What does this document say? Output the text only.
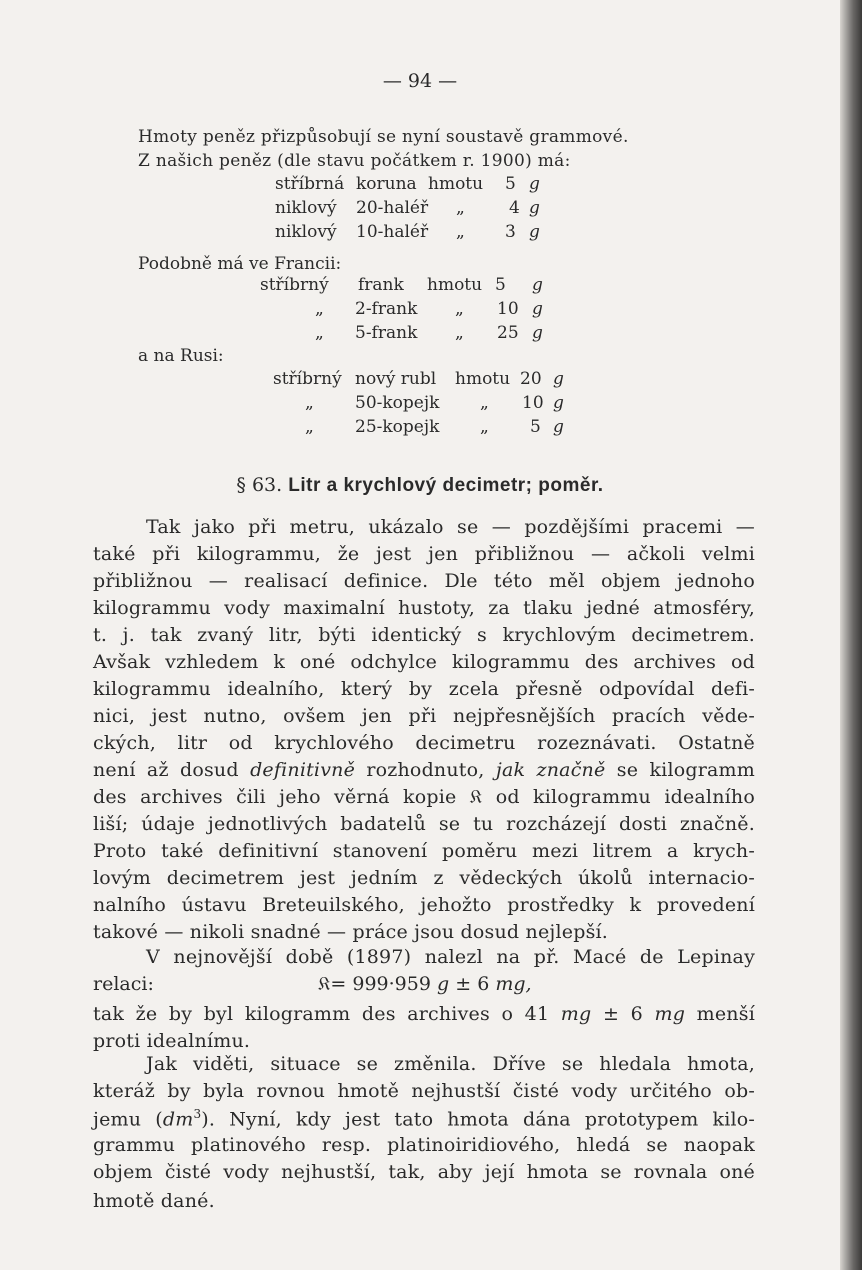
— 94 —
Hmoty peněz přizpůsobují se nyní soustavě grammové.
Z našich peněz (dle stavu počátkem r. 1900) má:
stříbrná koruna hmotu 5 g
niklový 20-haléř „	4 g
niklový 10-haléř „ 3 g
Podobně má ve Francii:
stříbrný frank hmotu 5 g
„ 2-frank „ 10 g
„ 5-frank „ 25 g
a na Rusi:
stříbrný nový rubl hmotu 20 g
„ 50-kopejk „ 10 g
„ 25-kopejk „ 5 g
§ 63. Litr a krychlový decimetr; poměr.
Tak jako při metru, ukázalo se — pozdějšími pracemi —
také při kilogrammu, že jest jen přibližnou — ačkoli velmi
přibližnou — realisací definice. Dle této měl objem jednoho
kilogrammu vody maximalní hustoty, za tlaku jedné atmosféry,
t. j. tak zvaný litr, býti identický s krychlovým decimetrem.
Avšak vzhledem k oné odchylce kilogrammu des archives od
kilogrammu idealního, který by zcela přesně odpovídal defi-
nici, jest nutno, ovšem jen při nejpřesnějších pracích věde-
ckých, litr od krychlového decimetru rozeznávati. Ostatně
není až dosud definitivně rozhodnuto, jak značně se kilogramm
des archives čili jeho věrná kopie 𝔎 od kilogrammu idealního
liší; údaje jednotlivých badatelů se tu rozcházejí dosti značně.
Proto také definitivní stanovení poměru mezi litrem a krych-
lovým decimetrem jest jedním z vědeckých úkolů internacio-
nalního ústavu Breteuilského, jehožto prostředky k provedení
takové — nikoli snadné — práce jsou dosud nejlepší.
V nejnovější době (1897) nalezl na př. Macé de Lepinay
relaci:	𝔎= 999·959 g ± 6 mg,
tak že by byl kilogramm des archives o 41 mg ± 6 mg menší
proti idealnímu.
Jak viděti, situace se změnila. Dříve se hledala hmota,
kteráž by byla rovnou hmotě nejhustší čisté vody určitého ob-
jemu $(dm^3)$. Nyní, kdy jest tato hmota dána prototypem kilo-
grammu platinového resp. platinoiridiového, hledá se naopak
objem čisté vody nejhustší, tak, aby její hmota se rovnala oné
hmotě dané.
